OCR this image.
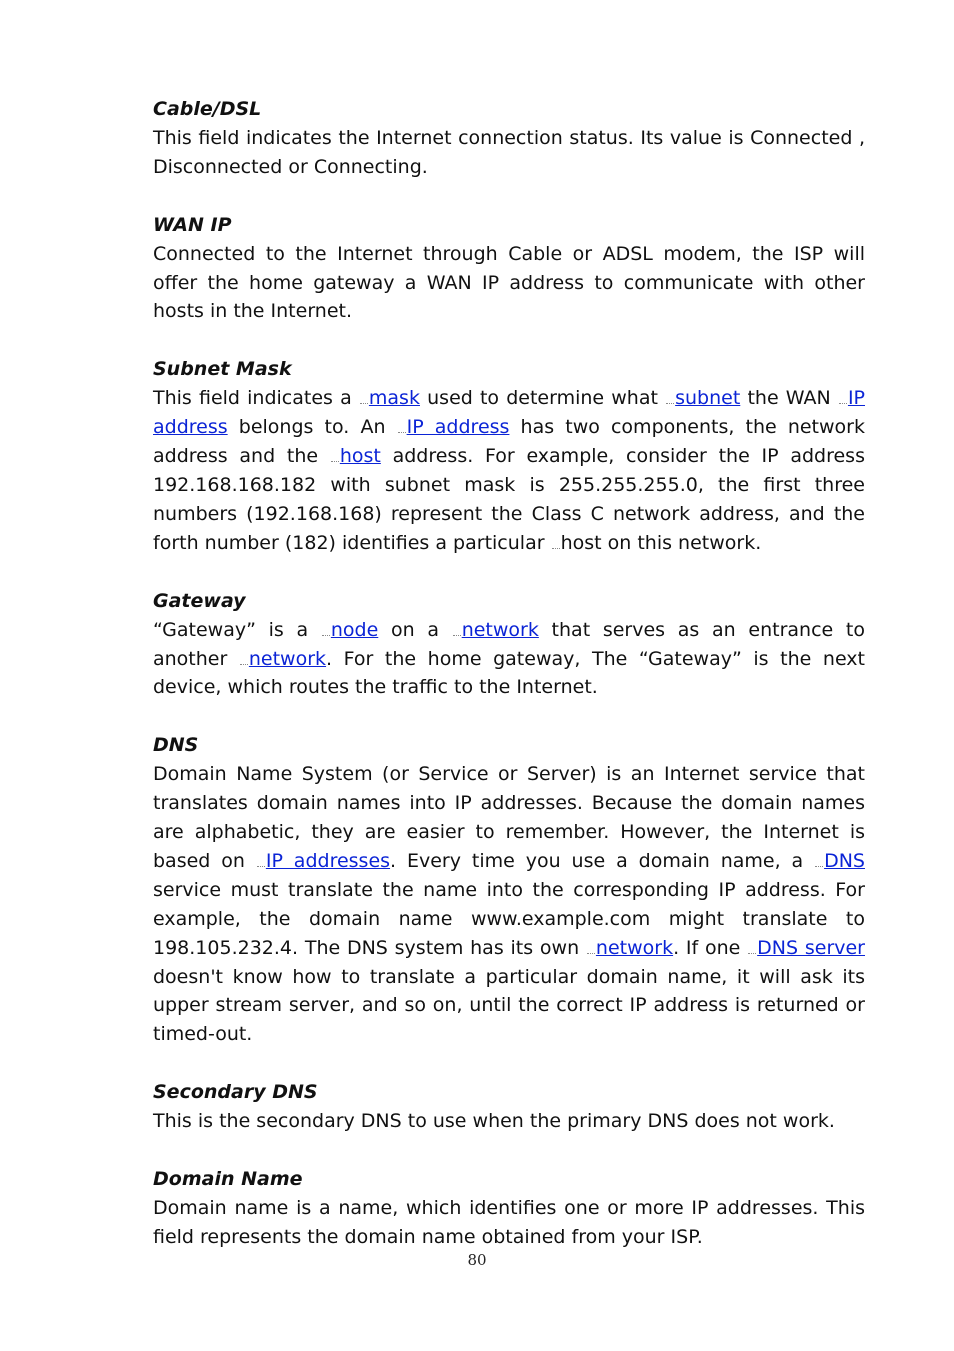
Cable/DSL

This field indicates the Internet connection status. Its value is Connected , Disconnected or Connecting.

WAN IP

Connected to the Internet through Cable or ADSL modem, the ISP will offer the home gateway a WAN IP address to communicate with other hosts in the Internet.

Subnet Mask

This field indicates a mask used to determine what subnet the WAN IP address belongs to. An IP address has two components, the network address and the host address. For example, consider the IP address 192.168.168.182 with subnet mask is 255.255.255.0, the first three numbers (192.168.168) represent the Class C network address, and the forth number (182) identifies a particular host on this network.

Gateway

“Gateway” is a node on a network that serves as an entrance to another network. For the home gateway, The “Gateway” is the next device, which routes the traffic to the Internet.

DNS

Domain Name System (or Service or Server) is an Internet service that translates domain names into IP addresses. Because the domain names are alphabetic, they are easier to remember. However, the Internet is based on IP addresses. Every time you use a domain name, a DNS service must translate the name into the corresponding IP address. For example, the domain name www.example.com might translate to 198.105.232.4. The DNS system has its own network. If one DNS server doesn't know how to translate a particular domain name, it will ask its upper stream server, and so on, until the correct IP address is returned or timed-out.

Secondary DNS

This is the secondary DNS to use when the primary DNS does not work.

Domain Name

Domain name is a name, which identifies one or more IP addresses. This field represents the domain name obtained from your ISP.

80
